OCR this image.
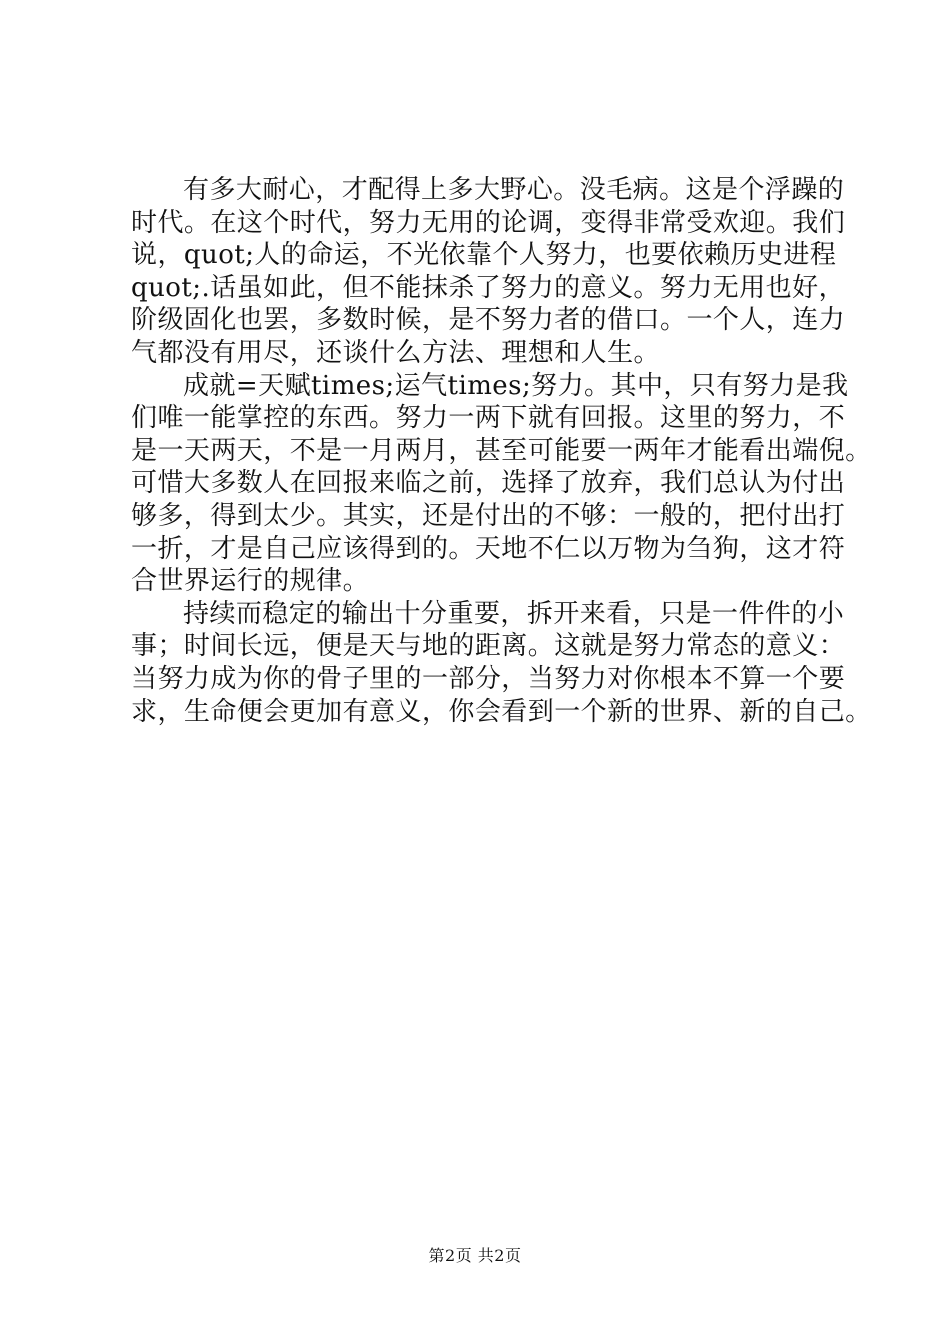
有多大耐心，才配得上多大野心。没毛病。这是个浮躁的
时代。在这个时代，努力无用的论调，变得非常受欢迎。我们
说，quot;人的命运，不光依靠个人努力，也要依赖历史进程
quot;.话虽如此，但不能抹杀了努力的意义。努力无用也好，
阶级固化也罢，多数时候，是不努力者的借口。一个人，连力
气都没有用尽，还谈什么方法、理想和人生。
成就=天赋times;运气times;努力。其中，只有努力是我
们唯一能掌控的东西。努力一两下就有回报。这里的努力，不
是一天两天，不是一月两月，甚至可能要一两年才能看出端倪。
可惜大多数人在回报来临之前，选择了放弃，我们总认为付出
够多，得到太少。其实，还是付出的不够：一般的，把付出打
一折，才是自己应该得到的。天地不仁以万物为刍狗，这才符
合世界运行的规律。
持续而稳定的输出十分重要，拆开来看，只是一件件的小
事；时间长远，便是天与地的距离。这就是努力常态的意义：
当努力成为你的骨子里的一部分，当努力对你根本不算一个要
求，生命便会更加有意义，你会看到一个新的世界、新的自己。
第2页 共2页
